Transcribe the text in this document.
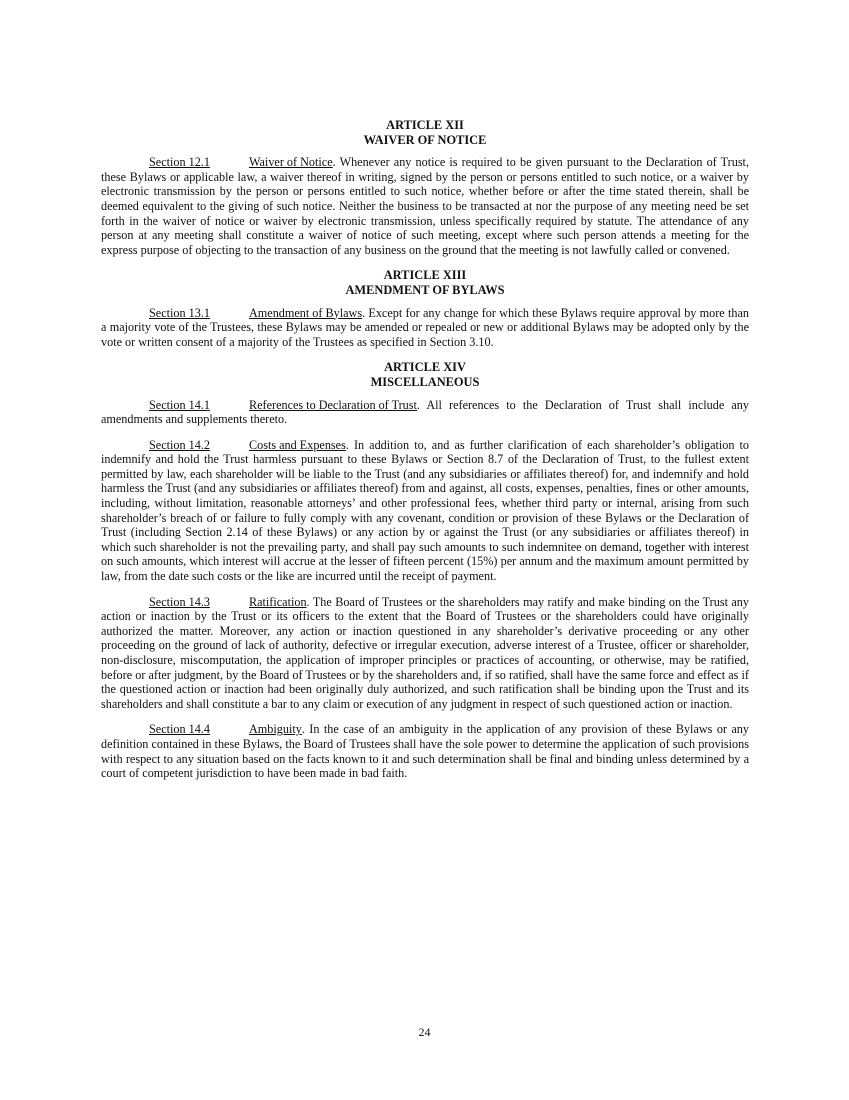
ARTICLE XII

WAIVER OF NOTICE

Section 12.1	Waiver of Notice. Whenever any notice is required to be given pursuant to the Declaration of Trust, these Bylaws or applicable law, a waiver thereof in writing, signed by the person or persons entitled to such notice, or a waiver by electronic transmission by the person or persons entitled to such notice, whether before or after the time stated therein, shall be deemed equivalent to the giving of such notice. Neither the business to be transacted at nor the purpose of any meeting need be set forth in the waiver of notice or waiver by electronic transmission, unless specifically required by statute. The attendance of any person at any meeting shall constitute a waiver of notice of such meeting, except where such person attends a meeting for the express purpose of objecting to the transaction of any business on the ground that the meeting is not lawfully called or convened.

ARTICLE XIII

AMENDMENT OF BYLAWS

Section 13.1	Amendment of Bylaws. Except for any change for which these Bylaws require approval by more than a majority vote of the Trustees, these Bylaws may be amended or repealed or new or additional Bylaws may be adopted only by the vote or written consent of a majority of the Trustees as specified in Section 3.10.

ARTICLE XIV

MISCELLANEOUS

Section 14.1	References to Declaration of Trust. All references to the Declaration of Trust shall include any amendments and supplements thereto.

Section 14.2	Costs and Expenses. In addition to, and as further clarification of each shareholder’s obligation to indemnify and hold the Trust harmless pursuant to these Bylaws or Section 8.7 of the Declaration of Trust, to the fullest extent permitted by law, each shareholder will be liable to the Trust (and any subsidiaries or affiliates thereof) for, and indemnify and hold harmless the Trust (and any subsidiaries or affiliates thereof) from and against, all costs, expenses, penalties, fines or other amounts, including, without limitation, reasonable attorneys’ and other professional fees, whether third party or internal, arising from such shareholder’s breach of or failure to fully comply with any covenant, condition or provision of these Bylaws or the Declaration of Trust (including Section 2.14 of these Bylaws) or any action by or against the Trust (or any subsidiaries or affiliates thereof) in which such shareholder is not the prevailing party, and shall pay such amounts to such indemnitee on demand, together with interest on such amounts, which interest will accrue at the lesser of fifteen percent (15%) per annum and the maximum amount permitted by law, from the date such costs or the like are incurred until the receipt of payment.

Section 14.3	Ratification. The Board of Trustees or the shareholders may ratify and make binding on the Trust any action or inaction by the Trust or its officers to the extent that the Board of Trustees or the shareholders could have originally authorized the matter. Moreover, any action or inaction questioned in any shareholder’s derivative proceeding or any other proceeding on the ground of lack of authority, defective or irregular execution, adverse interest of a Trustee, officer or shareholder, non-disclosure, miscomputation, the application of improper principles or practices of accounting, or otherwise, may be ratified, before or after judgment, by the Board of Trustees or by the shareholders and, if so ratified, shall have the same force and effect as if the questioned action or inaction had been originally duly authorized, and such ratification shall be binding upon the Trust and its shareholders and shall constitute a bar to any claim or execution of any judgment in respect of such questioned action or inaction.

Section 14.4	Ambiguity. In the case of an ambiguity in the application of any provision of these Bylaws or any definition contained in these Bylaws, the Board of Trustees shall have the sole power to determine the application of such provisions with respect to any situation based on the facts known to it and such determination shall be final and binding unless determined by a court of competent jurisdiction to have been made in bad faith.

24
